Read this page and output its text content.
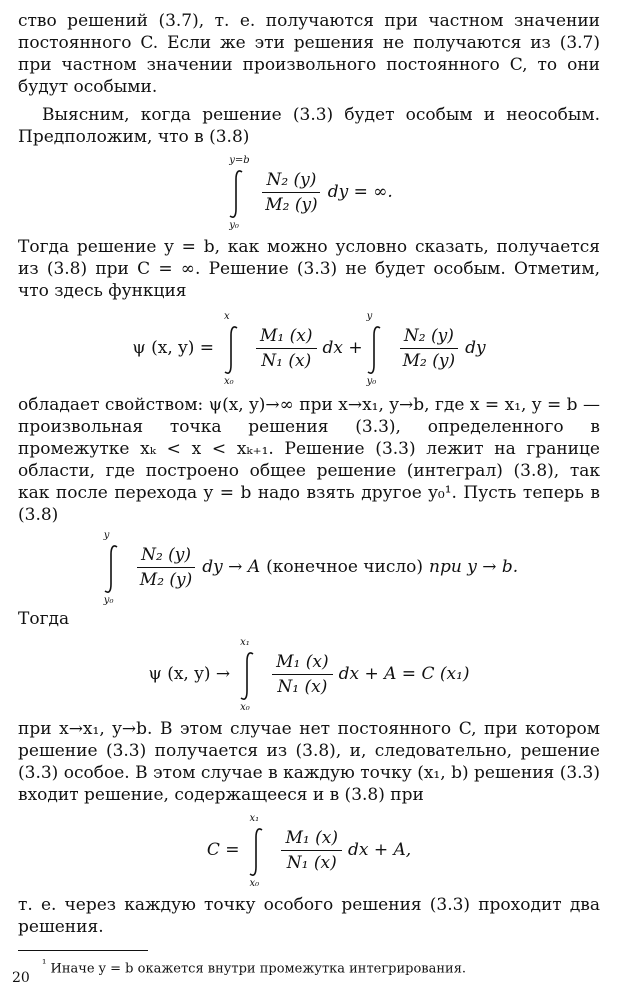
ство решений (3.7), т. е. получаются при частном значении постоянного C. Если же эти решения не получаются из (3.7) при частном значении произвольного постоянного C, то они будут особыми.

Выясним, когда решение (3.3) будет особым и неособым. Предположим, что в (3.8)

y=b
y₀
$\frac{\text{N₂ (y)}}{\text{M₂ (y)}}$ dy = ∞.

Тогда решение y = b, как можно условно сказать, получается из (3.8) при C = ∞. Решение (3.3) не будет особым. Отметим, что здесь функция

ψ (x, y) =
x
x₀
$\frac{\text{M₁ (x)}}{\text{N₁ (x)}}$ dx +
y
y₀
$\frac{\text{N₂ (y)}}{\text{M₂ (y)}}$ dy

обладает свойством: ψ(x, y)→∞ при x→x₁, y→b, где x = x₁, y = b — произвольная точка решения (3.3), определенного в промежутке xₖ < x < xₖ₊₁. Решение (3.3) лежит на границе области, где построено общее решение (интеграл) (3.8), так как после перехода y = b надо взять другое y₀¹. Пусть теперь в (3.8)

y
y₀
$\frac{\text{N₂ (y)}}{\text{M₂ (y)}}$ dy → A (конечное число) при y → b.

Тогда

ψ (x, y) →
x₁
x₀
$\frac{\text{M₁ (x)}}{\text{N₁ (x)}}$ dx + A = C (x₁)

при x→x₁, y→b. В этом случае нет постоянного C, при котором решение (3.3) получается из (3.8), и, следовательно, решение (3.3) особое. В этом случае в каждую точку (x₁, b) решения (3.3) входит решение, содержащееся и в (3.8) при

C =
x₁
x₀
$\frac{\text{M₁ (x)}}{\text{N₁ (x)}}$ dx + A,

т. е. через каждую точку особого решения (3.3) проходит два решения.

$^{^1}$ Иначе y = b окажется внутри промежутка интегрирования.

20
